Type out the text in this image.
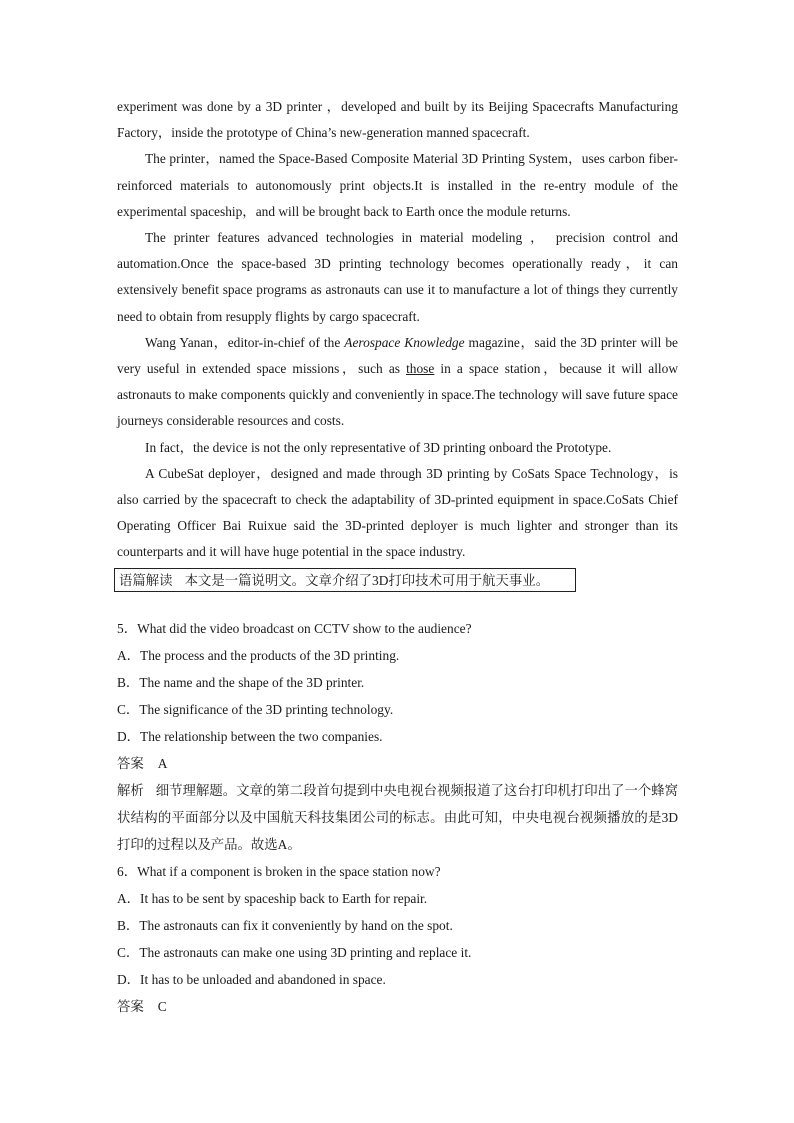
experiment was done by a 3D printer ，developed and built by its Beijing Spacecrafts Manufacturing Factory，inside the prototype of China’s new-generation manned spacecraft.

The printer，named the Space-Based Composite Material 3D Printing System，uses carbon fiber-reinforced materials to autonomously print objects.It is installed in the re-entry module of the experimental spaceship，and will be brought back to Earth once the module returns.

The printer features advanced technologies in material modeling ， precision control and automation.Once the space-based 3D printing technology becomes operationally ready，it can extensively benefit space programs as astronauts can use it to manufacture a lot of things they currently need to obtain from resupply flights by cargo spacecraft.

Wang Yanan，editor-in-chief of the Aerospace Knowledge magazine，said the 3D printer will be very useful in extended space missions，such as those in a space station，because it will allow astronauts to make components quickly and conveniently in space.The technology will save future space journeys considerable resources and costs.

In fact，the device is not the only representative of 3D printing onboard the Prototype.

A CubeSat deployer，designed and made through 3D printing by CoSats Space Technology，is also carried by the spacecraft to check the adaptability of 3D-printed equipment in space.CoSats Chief Operating Officer Bai Ruixue said the 3D-printed deployer is much lighter and stronger than its counterparts and it will have huge potential in the space industry.

语篇解读 本文是一篇说明文。文章介绍了3D打印技术可用于航天事业。

5．What did the video broadcast on CCTV show to the audience?

A．The process and the products of the 3D printing.

B．The name and the shape of the 3D printer.

C．The significance of the 3D printing technology.

D．The relationship between the two companies.

答案 A

解析 细节理解题。文章的第二段首句提到中央电视台视频报道了这台打印机打印出了一个蜂窝状结构的平面部分以及中国航天科技集团公司的标志。由此可知，中央电视台视频播放的是3D打印的过程以及产品。故选A。

6．What if a component is broken in the space station now?

A．It has to be sent by spaceship back to Earth for repair.

B．The astronauts can fix it conveniently by hand on the spot.

C．The astronauts can make one using 3D printing and replace it.

D．It has to be unloaded and abandoned in space.

答案 C
